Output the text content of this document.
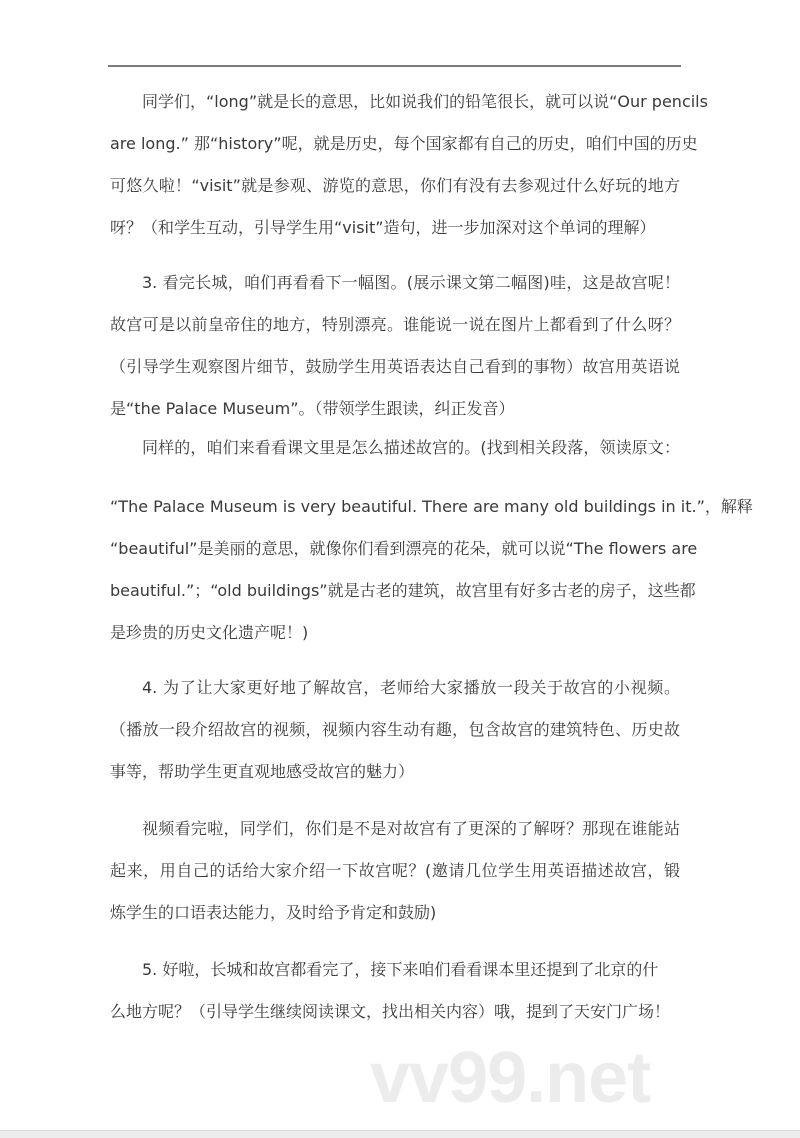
vv99.net
同学们，“long”就是长的意思，比如说我们的铅笔很长，就可以说“Our pencils
are long.” 那“history”呢，就是历史，每个国家都有自己的历史，咱们中国的历史
可悠久啦！“visit”就是参观、游览的意思，你们有没有去参观过什么好玩的地方
呀？（和学生互动，引导学生用“visit”造句，进一步加深对这个单词的理解）
3. 看完长城，咱们再看看下一幅图。(展示课文第二幅图)哇，这是故宫呢！
故宫可是以前皇帝住的地方，特别漂亮。谁能说一说在图片上都看到了什么呀？
（引导学生观察图片细节，鼓励学生用英语表达自己看到的事物）故宫用英语说
是“the Palace Museum”。（带领学生跟读，纠正发音）
同样的，咱们来看看课文里是怎么描述故宫的。(找到相关段落，领读原文：
“The Palace Museum is very beautiful. There are many old buildings in it.”，解释
“beautiful”是美丽的意思，就像你们看到漂亮的花朵，就可以说“The flowers are
beautiful.”；“old buildings”就是古老的建筑，故宫里有好多古老的房子，这些都
是珍贵的历史文化遗产呢！)
4. 为了让大家更好地了解故宫，老师给大家播放一段关于故宫的小视频。
（播放一段介绍故宫的视频，视频内容生动有趣，包含故宫的建筑特色、历史故
事等，帮助学生更直观地感受故宫的魅力）
视频看完啦，同学们，你们是不是对故宫有了更深的了解呀？那现在谁能站
起来，用自己的话给大家介绍一下故宫呢？(邀请几位学生用英语描述故宫，锻
炼学生的口语表达能力，及时给予肯定和鼓励)
5. 好啦，长城和故宫都看完了，接下来咱们看看课本里还提到了北京的什
么地方呢？（引导学生继续阅读课文，找出相关内容）哦，提到了天安门广场！
